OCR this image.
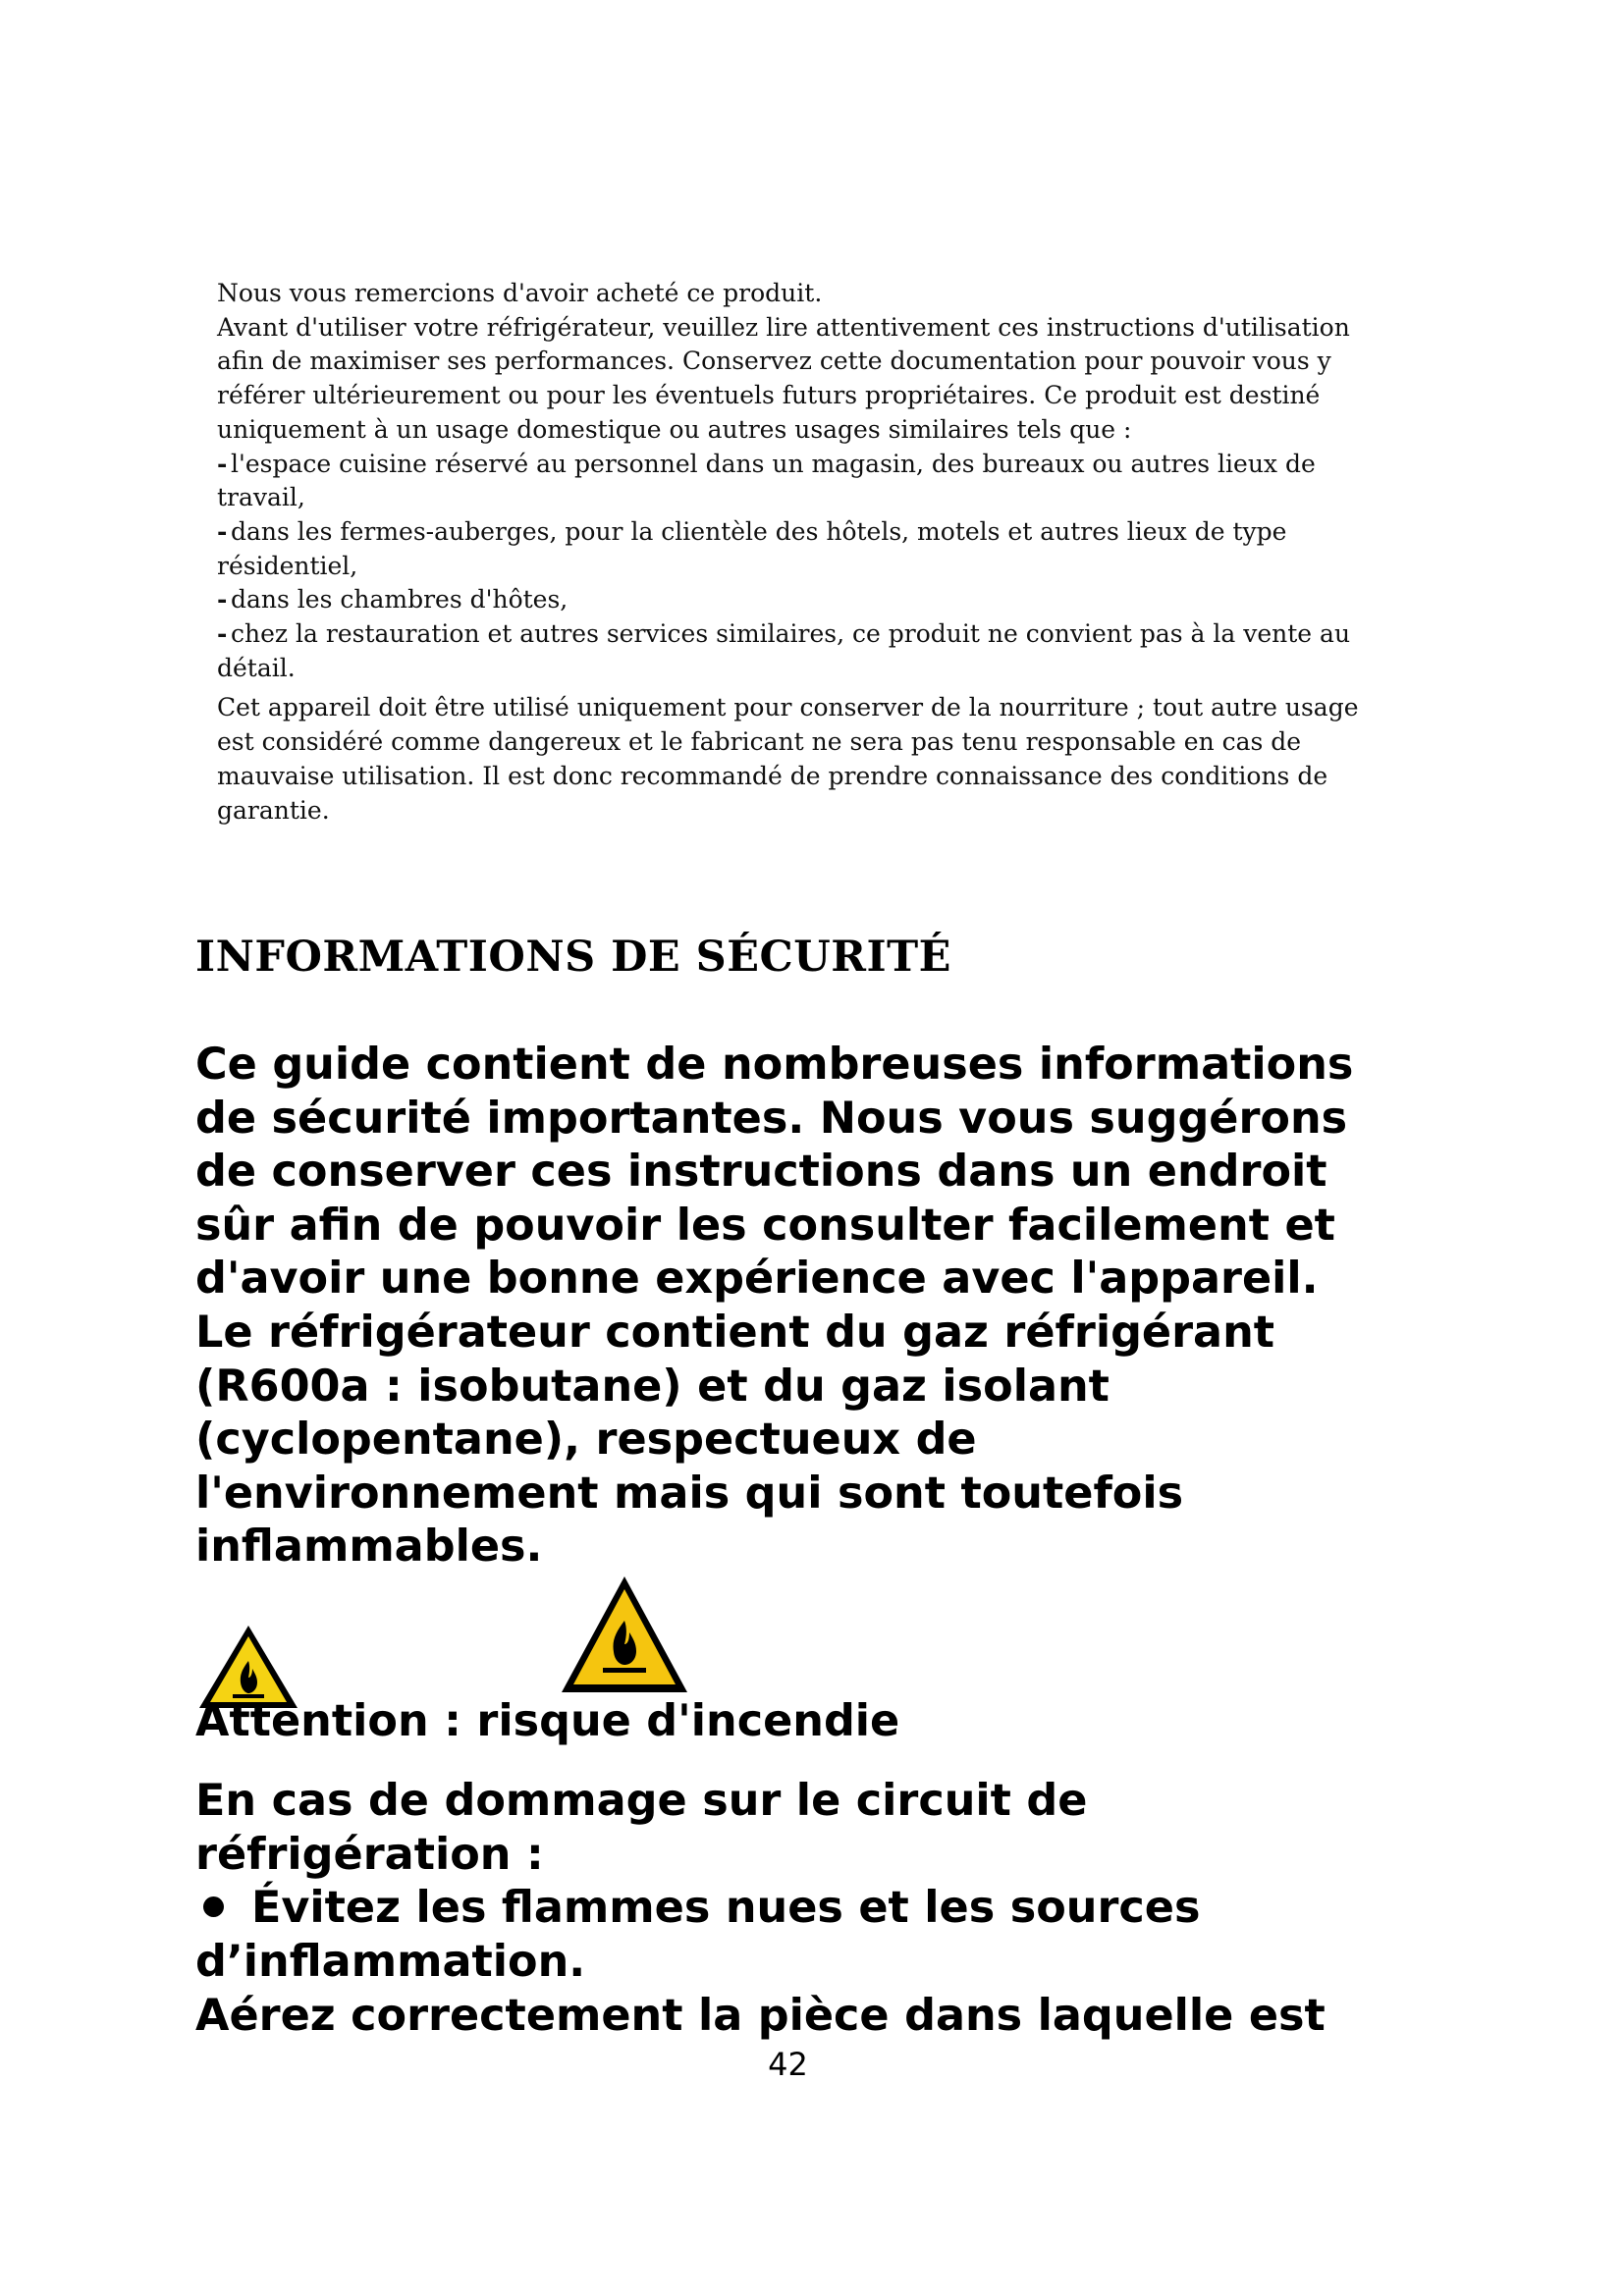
Nous vous remercions d'avoir acheté ce produit.

Avant d'utiliser votre réfrigérateur, veuillez lire attentivement ces instructions d'utilisation

afin de maximiser ses performances. Conservez cette documentation pour pouvoir vous y

référer ultérieurement ou pour les éventuels futurs propriétaires. Ce produit est destiné

uniquement à un usage domestique ou autres usages similaires tels que :

- l'espace cuisine réservé au personnel dans un magasin, des bureaux ou autres lieux de
travail,
- dans les fermes-auberges, pour la clientèle des hôtels, motels et autres lieux de type
résidentiel,
- dans les chambres d'hôtes,
- chez la restauration et autres services similaires, ce produit ne convient pas à la vente au
détail.

Cet appareil doit être utilisé uniquement pour conserver de la nourriture ; tout autre usage

est considéré comme dangereux et le fabricant ne sera pas tenu responsable en cas de

mauvaise utilisation. Il est donc recommandé de prendre connaissance des conditions de

garantie.

INFORMATIONS DE SÉCURITÉ
Ce guide contient de nombreuses informations
de sécurité importantes. Nous vous suggérons
de conserver ces instructions dans un endroit
sûr afin de pouvoir les consulter facilement et
d'avoir une bonne expérience avec l'appareil.
Le réfrigérateur contient du gaz réfrigérant
(R600a : isobutane) et du gaz isolant
(cyclopentane), respectueux de
l'environnement mais qui sont toutefois
inflammables.

Attention : risque d'incendie

En cas de dommage sur le circuit de
réfrigération :

Évitez les flammes nues et les sources

d’inflammation.

Aérez correctement la pièce dans laquelle est

42
